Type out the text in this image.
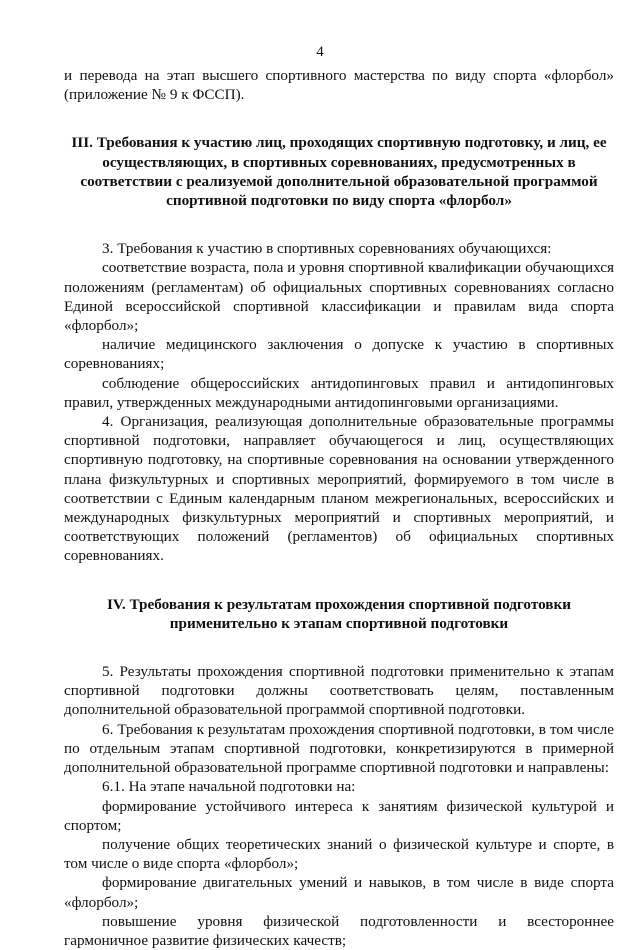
4

и перевода на этап высшего спортивного мастерства по виду спорта «флорбол» (приложение № 9 к ФССП).

III. Требования к участию лиц, проходящих спортивную подготовку, и лиц, ее осуществляющих, в спортивных соревнованиях, предусмотренных в соответствии с реализуемой дополнительной образовательной программой спортивной подготовки по виду спорта «флорбол»

3. Требования к участию в спортивных соревнованиях обучающихся:

соответствие возраста, пола и уровня спортивной квалификации обучающихся положениям (регламентам) об официальных спортивных соревнованиях согласно Единой всероссийской спортивной классификации и правилам вида спорта «флорбол»;

наличие медицинского заключения о допуске к участию в спортивных соревнованиях;

соблюдение общероссийских антидопинговых правил и антидопинговых правил, утвержденных международными антидопинговыми организациями.

4. Организация, реализующая дополнительные образовательные программы спортивной подготовки, направляет обучающегося и лиц, осуществляющих спортивную подготовку, на спортивные соревнования на основании утвержденного плана физкультурных и спортивных мероприятий, формируемого в том числе в соответствии с Единым календарным планом межрегиональных, всероссийских и международных физкультурных мероприятий и спортивных мероприятий, и соответствующих положений (регламентов) об официальных спортивных соревнованиях.

IV. Требования к результатам прохождения спортивной подготовки применительно к этапам спортивной подготовки

5. Результаты прохождения спортивной подготовки применительно к этапам спортивной подготовки должны соответствовать целям, поставленным дополнительной образовательной программой спортивной подготовки.

6. Требования к результатам прохождения спортивной подготовки, в том числе по отдельным этапам спортивной подготовки, конкретизируются в примерной дополнительной образовательной программе спортивной подготовки и направлены:

6.1. На этапе начальной подготовки на:

формирование устойчивого интереса к занятиям физической культурой и спортом;

получение общих теоретических знаний о физической культуре и спорте, в том числе о виде спорта «флорбол»;

формирование двигательных умений и навыков, в том числе в виде спорта «флорбол»;

повышение уровня физической подготовленности и всестороннее гармоничное развитие физических качеств;
